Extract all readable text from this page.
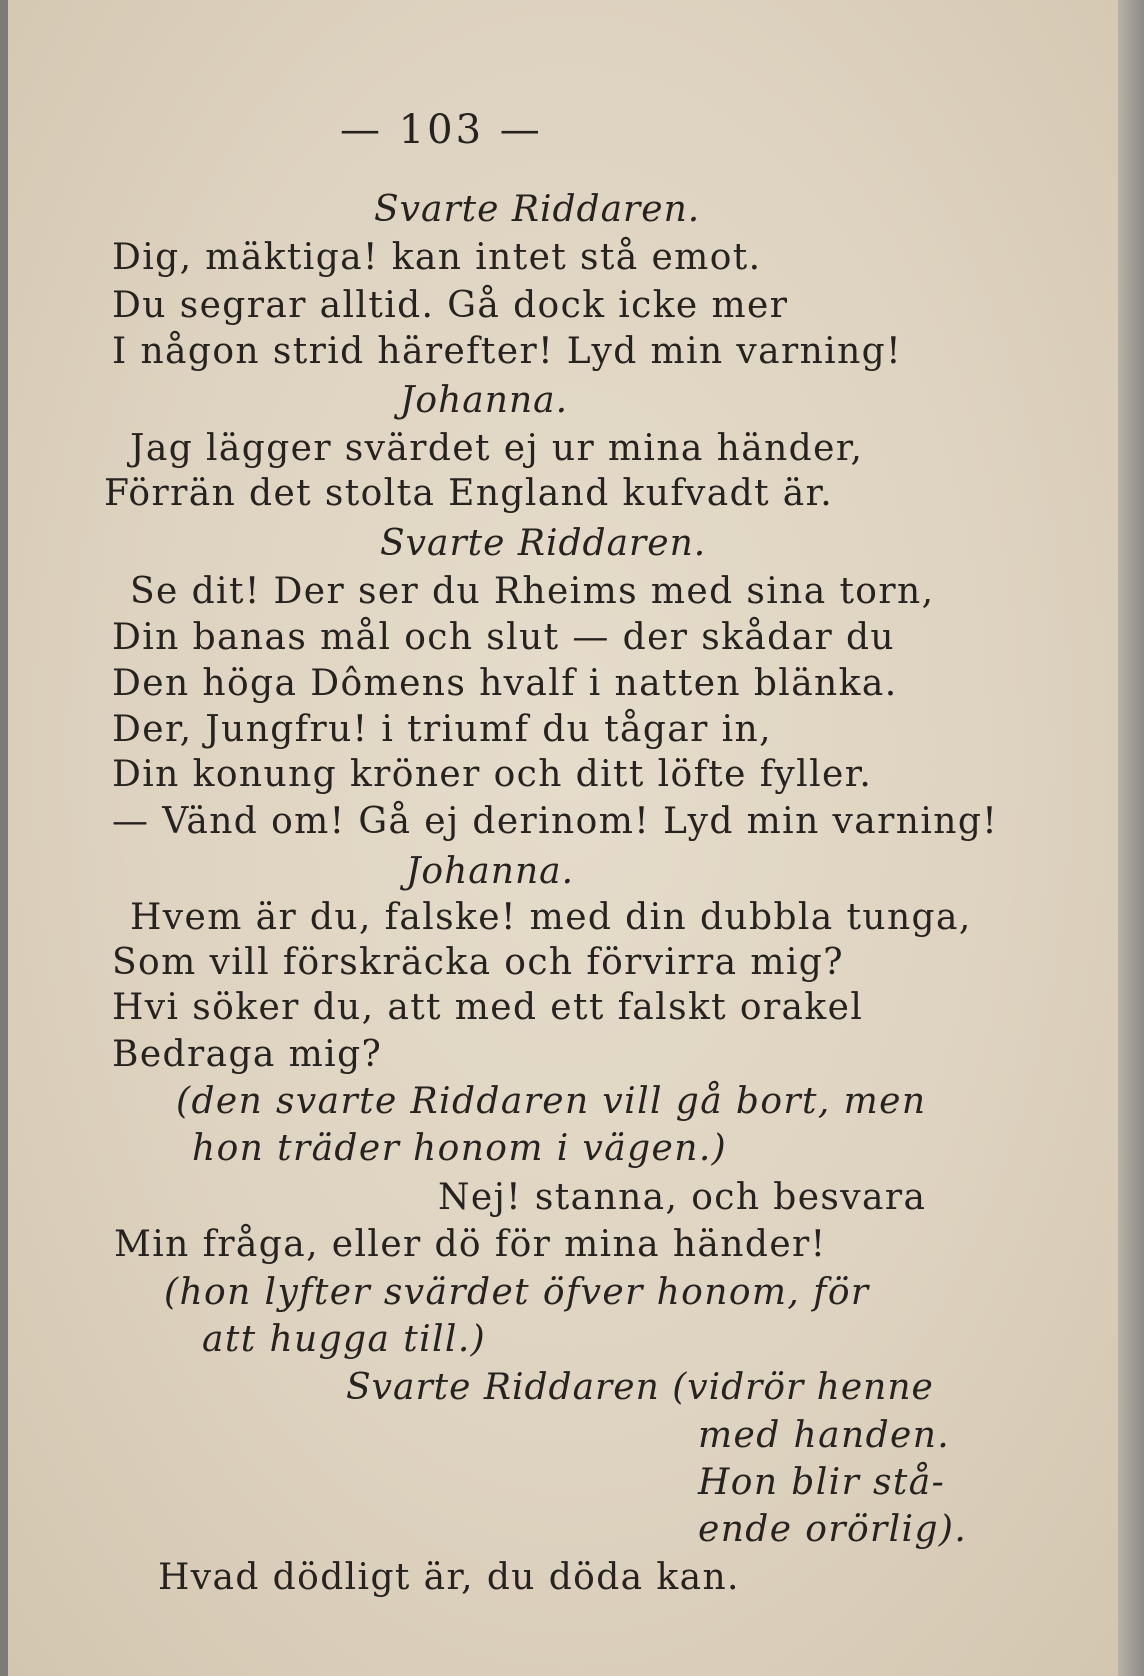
— 103 —
Svarte Riddaren.
Dig, mäktiga! kan intet stå emot.
Du segrar alltid. Gå dock icke mer
I någon strid härefter! Lyd min varning!
Johanna.
Jag lägger svärdet ej ur mina händer,
Förrän det stolta England kufvadt är.
Svarte Riddaren.
Se dit! Der ser du Rheims med sina torn,
Din banas mål och slut — der skådar du
Den höga Dômens hvalf i natten blänka.
Der, Jungfru! i triumf du tågar in,
Din konung kröner och ditt löfte fyller.
— Vänd om! Gå ej derinom! Lyd min varning!
Johanna.
Hvem är du, falske! med din dubbla tunga,
Som vill förskräcka och förvirra mig?
Hvi söker du, att med ett falskt orakel
Bedraga mig?
(den svarte Riddaren vill gå bort, men
hon träder honom i vägen.)
Nej! stanna, och besvara
Min fråga, eller dö för mina händer!
(hon lyfter svärdet öfver honom, för
att hugga till.)
Svarte Riddaren (vidrör henne
med handen.
Hon blir stå-
ende orörlig).
Hvad dödligt är, du döda kan.
